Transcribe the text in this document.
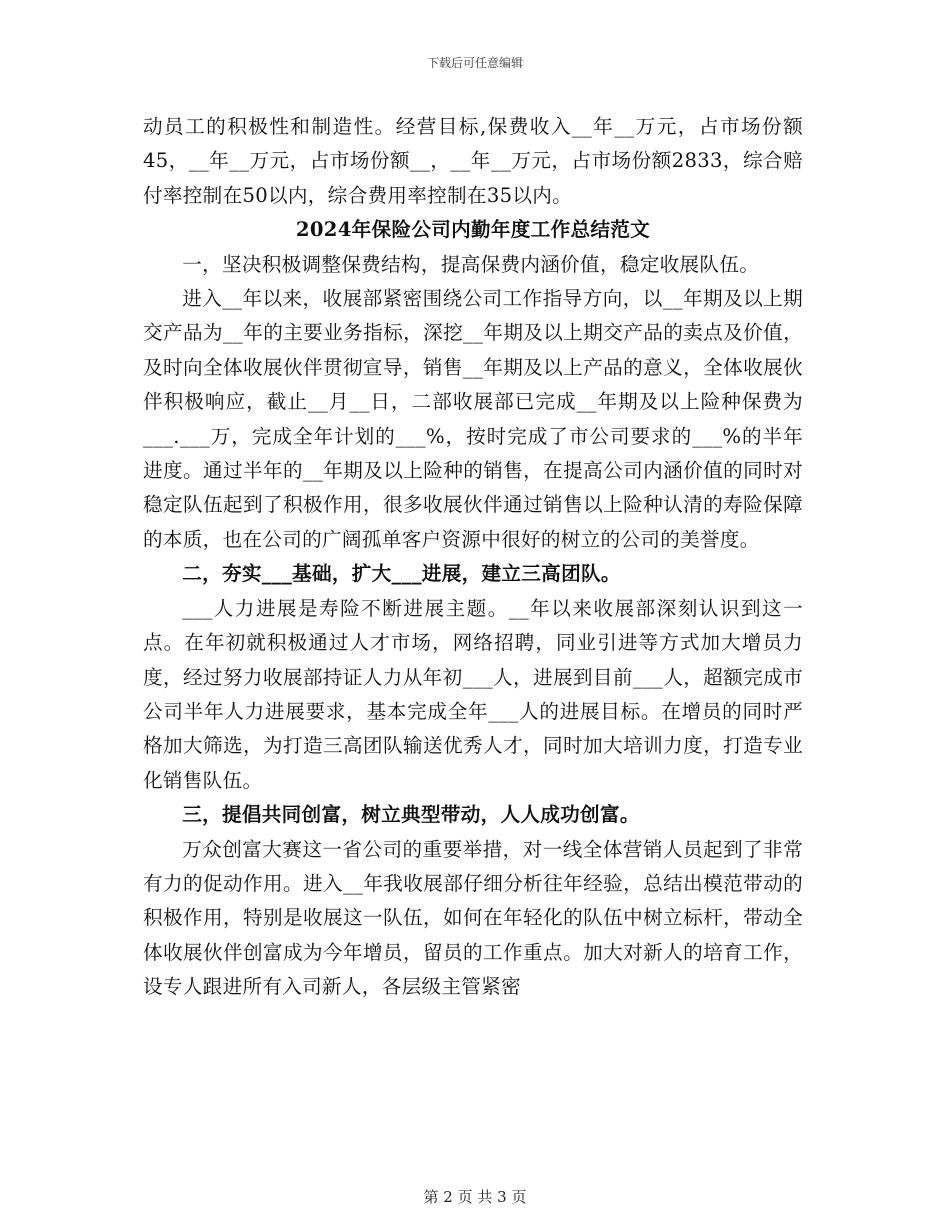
下载后可任意编辑

动员工的积极性和制造性。经营目标,保费收入__年__万元，占市场份额45，__年__万元，占市场份额__，__年__万元，占市场份额2833，综合赔付率控制在50以内，综合费用率控制在35以内。

2024年保险公司内勤年度工作总结范文

一，坚决积极调整保费结构，提高保费内涵价值，稳定收展队伍。

进入__年以来，收展部紧密围绕公司工作指导方向，以__年期及以上期交产品为__年的主要业务指标，深挖__年期及以上期交产品的卖点及价值，及时向全体收展伙伴贯彻宣导，销售__年期及以上产品的意义，全体收展伙伴积极响应，截止__月__日，二部收展部已完成__年期及以上险种保费为___.___万，完成全年计划的___%，按时完成了市公司要求的___%的半年进度。通过半年的__年期及以上险种的销售，在提高公司内涵价值的同时对稳定队伍起到了积极作用，很多收展伙伴通过销售以上险种认清的寿险保障的本质，也在公司的广阔孤单客户资源中很好的树立的公司的美誉度。

二，夯实___基础，扩大___进展，建立三高团队。

___人力进展是寿险不断进展主题。__年以来收展部深刻认识到这一点。在年初就积极通过人才市场，网络招聘，同业引进等方式加大增员力度，经过努力收展部持证人力从年初___人，进展到目前___人，超额完成市公司半年人力进展要求，基本完成全年___人的进展目标。在增员的同时严格加大筛选，为打造三高团队输送优秀人才，同时加大培训力度，打造专业化销售队伍。

三，提倡共同创富，树立典型带动，人人成功创富。

万众创富大赛这一省公司的重要举措，对一线全体营销人员起到了非常有力的促动作用。进入__年我收展部仔细分析往年经验，总结出模范带动的积极作用，特别是收展这一队伍，如何在年轻化的队伍中树立标杆，带动全体收展伙伴创富成为今年增员，留员的工作重点。加大对新人的培育工作，设专人跟进所有入司新人，各层级主管紧密

第 2 页 共 3 页
